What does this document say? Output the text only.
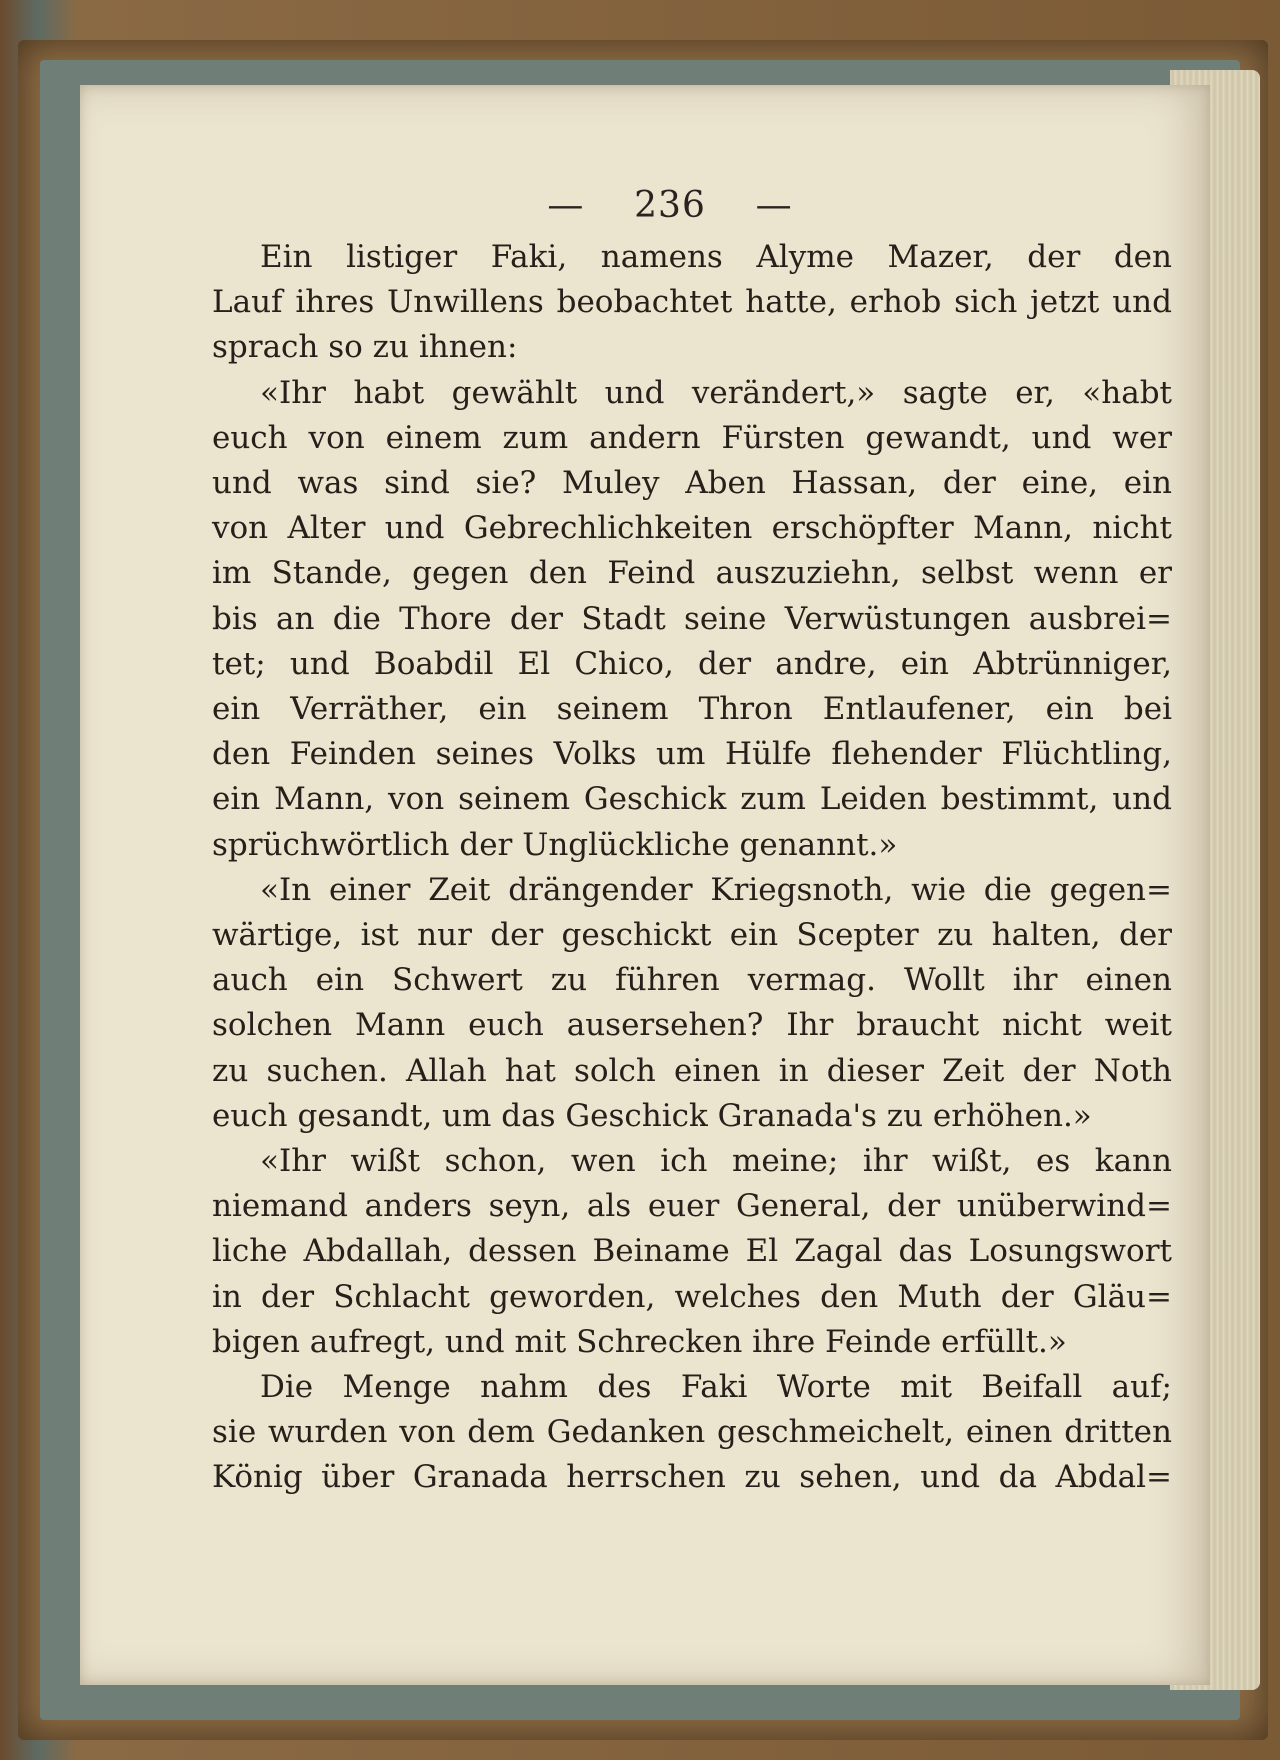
— 236 —
Ein listiger Faki, namens Alyme Mazer, der den
Lauf ihres Unwillens beobachtet hatte, erhob sich jetzt und
sprach so zu ihnen:
«Ihr habt gewählt und verändert,» sagte er, «habt
euch von einem zum andern Fürsten gewandt, und wer
und was sind sie? Muley Aben Hassan, der eine, ein
von Alter und Gebrechlichkeiten erschöpfter Mann, nicht
im Stande, gegen den Feind auszuziehn, selbst wenn er
bis an die Thore der Stadt seine Verwüstungen ausbrei=
tet; und Boabdil El Chico, der andre, ein Abtrünniger,
ein Verräther, ein seinem Thron Entlaufener, ein bei
den Feinden seines Volks um Hülfe flehender Flüchtling,
ein Mann, von seinem Geschick zum Leiden bestimmt, und
sprüchwörtlich der Unglückliche genannt.»
«In einer Zeit drängender Kriegsnoth, wie die gegen=
wärtige, ist nur der geschickt ein Scepter zu halten, der
auch ein Schwert zu führen vermag. Wollt ihr einen
solchen Mann euch ausersehen? Ihr braucht nicht weit
zu suchen. Allah hat solch einen in dieser Zeit der Noth
euch gesandt, um das Geschick Granada's zu erhöhen.»
«Ihr wißt schon, wen ich meine; ihr wißt, es kann
niemand anders seyn, als euer General, der unüberwind=
liche Abdallah, dessen Beiname El Zagal das Losungswort
in der Schlacht geworden, welches den Muth der Gläu=
bigen aufregt, und mit Schrecken ihre Feinde erfüllt.»
Die Menge nahm des Faki Worte mit Beifall auf;
sie wurden von dem Gedanken geschmeichelt, einen dritten
König über Granada herrschen zu sehen, und da Abdal=
